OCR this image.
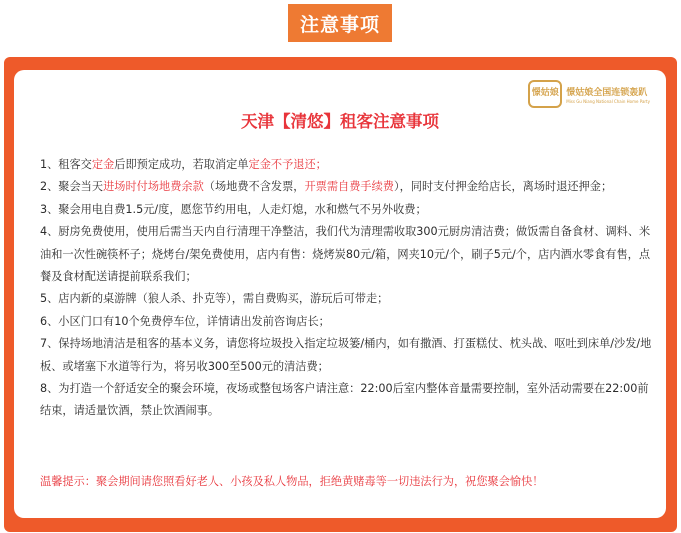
注意事项
憬姑娘 憬姑娘全国连锁轰趴
Miss Gu Niang National Chain Home Party
天津【清悠】租客注意事项

1、租客交定金后即预定成功，若取消定单定金不予退还；

2、聚会当天进场时付场地费余款（场地费不含发票，开票需自费手续费），同时支付押金给店长，离场时退还押金；

3、聚会用电自费1.5元/度，愿您节约用电，人走灯熄，水和燃气不另外收费；

4、厨房免费使用，使用后需当天内自行清理干净整洁，我们代为清理需收取300元厨房清洁费；做饭需自备食材、调料、米油和一次性碗筷杯子；烧烤台/架免费使用，店内有售：烧烤炭80元/箱，网夹10元/个，刷子5元/个，店内酒水零食有售，点餐及食材配送请提前联系我们；

5、店内新的桌游牌（狼人杀、扑克等），需自费购买，游玩后可带走；

6、小区门口有10个免费停车位，详情请出发前咨询店长；

7、保持场地清洁是租客的基本义务，请您将垃圾投入指定垃圾篓/桶内，如有撒酒、打蛋糕仗、枕头战、呕吐到床单/沙发/地板、或堵塞下水道等行为，将另收300至500元的清洁费；

8、为打造一个舒适安全的聚会环境，夜场或整包场客户请注意：22:00后室内整体音量需要控制，室外活动需要在22:00前结束，请适量饮酒，禁止饮酒闹事。

温馨提示：聚会期间请您照看好老人、小孩及私人物品，拒绝黄赌毒等一切违法行为，祝您聚会愉快！
